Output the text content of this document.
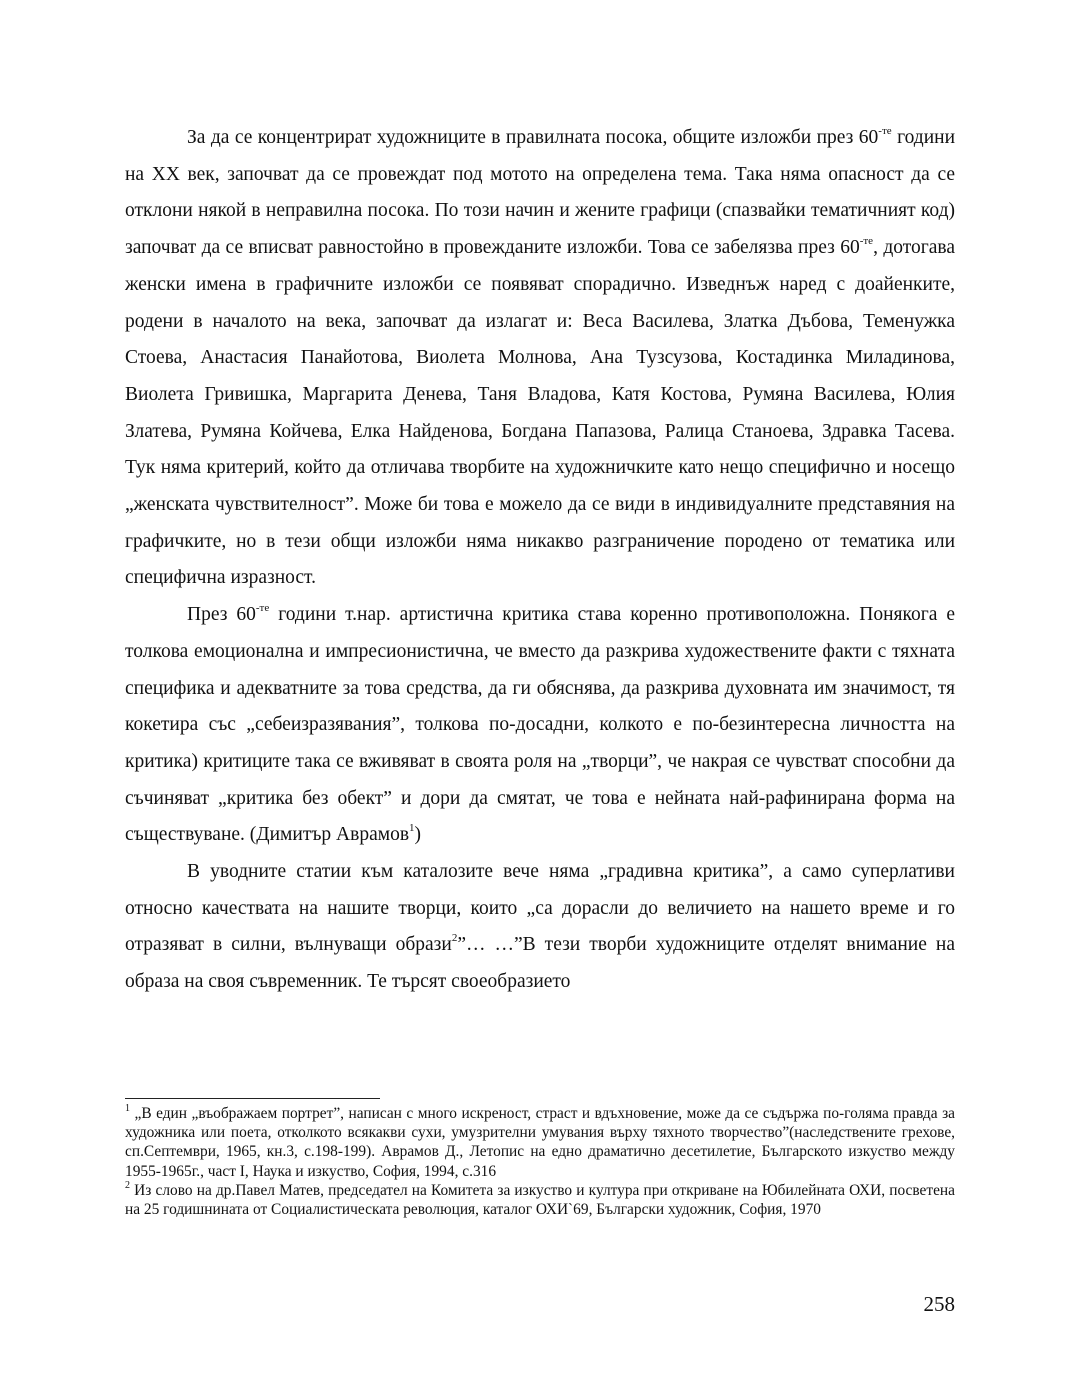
За да се концентрират художниците в правилната посока, общите изложби през $60^{-те}$ години на XX век, започват да се провеждат под мотото на определена тема. Така няма опасност да се отклони някой в неправилна посока. По този начин и жените графици (спазвайки тематичният код) започват да се вписват равностойно в провежданите изложби. Това се забелязва през $60^{-те}$, дотогава женски имена в графичните изложби се появяват спорадично. Изведнъж наред с доайенките, родени в началото на века, започват да излагат и: Веса Василева, Златка Дъбова, Теменужка Стоева, Анастасия Панайотова, Виолета Молнова, Ана Тузсузова, Костадинка Миладинова, Виолета Гривишка, Маргарита Денева, Таня Владова, Катя Костова, Румяна Василева, Юлия Златева, Румяна Койчева, Елка Найденова, Богдана Папазова, Ралица Станоева, Здравка Тасева. Тук няма критерий, който да отличава творбите на художничките като нещо специфично и носещо „женската чувствителност”. Може би това е можело да се види в индивидуалните представяния на графичките, но в тези общи изложби няма никакво разграничение породено от тематика или специфична изразност.

През $60^{-те}$ години т.нар. артистична критика става коренно противоположна. Понякога е толкова емоционална и импресионистична, че вместо да разкрива художествените факти с тяхната специфика и адекватните за това средства, да ги обяснява, да разкрива духовната им значимост, тя кокетира със „себеизразявания”, толкова по-досадни, колкото е по-безинтересна личността на критика) критиците така се вживяват в своята роля на „творци”, че накрая се чувстват способни да съчиняват „критика без обект” и дори да смятат, че това е нейната най-рафинирана форма на съществуване. (Димитър Аврамов$^1$)

В уводните статии към каталозите вече няма „градивна критика”, а само суперлативи относно качествата на нашите творци, които „са дорасли до величието на нашето време и го отразяват в силни, вълнуващи образи$^2$”… …”В тези творби художниците отделят внимание на образа на своя съвременник. Те търсят своеобразието

$^1$ „В един „въображаем портрет”, написан с много искреност, страст и вдъхновение, може да се съдържа по-голяма правда за художника или поета, отколкото всякакви сухи, умузрителни умувания върху тяхното творчество”(наследствените грехове, сп.Септември, 1965, кн.3, с.198-199). Аврамов Д., Летопис на едно драматично десетилетие, Българското изкуство между 1955-1965г., част I, Наука и изкуство, София, 1994, с.316

$^2$ Из слово на др.Павел Матев, председател на Комитета за изкуство и култура при откриване на Юбилейната ОХИ, посветена на 25 годишнината от Социалистическата революция, каталог ОХИ`69, Български художник, София, 1970

258
